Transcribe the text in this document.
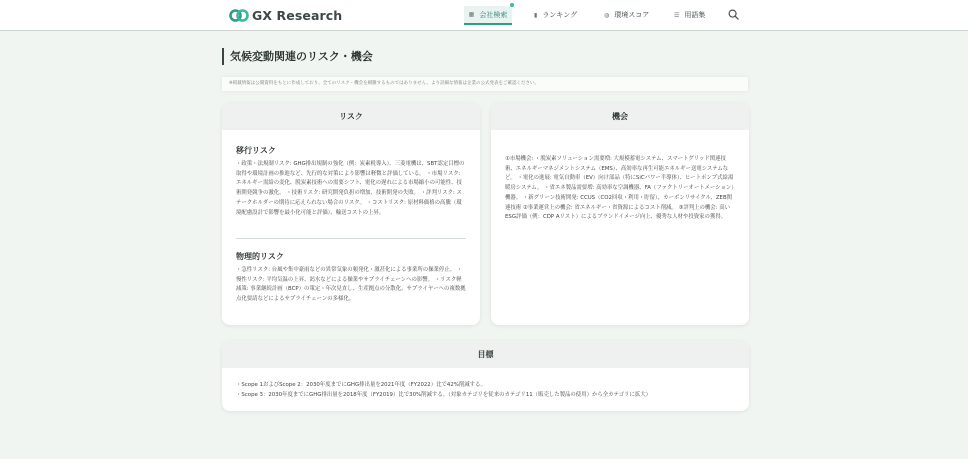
GX Research	▦ 会社検索	▮ ランキング	◍ 環境スコア	☰ 用語集
気候変動関連のリスク・機会
※掲載情報は公開資料をもとに作成しており、全てのリスク・機会を網羅するものではありません。より詳細な情報は企業の公式発表をご確認ください。
リスク
移行リスク
・政策・法規制リスク: GHG排出規制の強化（例：炭素税導入）。三菱電機は、SBT認定目標の取得や環境計画の推進など、先行的な対策により影響は軽微と評価している。 ・市場リスク: エネルギー需給の変化、脱炭素技術への需要シフト、電化の遅れによる市場縮小の可能性、技術開発競争の激化。 ・技術リスク: 研究開発負担の増加、技術開発の失敗。 ・評判リスク: ステークホルダーの期待に応えられない場合のリスク。 ・コストリスク: 原材料価格の高騰（環境配慮設計で影響を最小化可能と評価）、輸送コストの上昇。
物理的リスク
・急性リスク: 台風や集中豪雨などの異常気象の頻発化・激甚化による事業所の操業停止。 ・慢性リスク: 平均気温の上昇、渇水などによる操業やサプライチェーンへの影響。 ・リスク軽減策: 事業継続計画（BCP）の策定・年次見直し、生産拠点の分散化、サプライヤーへの複数拠点化要請などによるサプライチェーンの多様化。
機会
①市場機会: ・脱炭素ソリューション需要増: 大規模蓄電システム、スマートグリッド関連技術、エネルギーマネジメントシステム（EMS）、高効率な再生可能エネルギー送電システムなど。 ・電化の進展: 電気自動車（EV）向け部品（特にSiCパワー半導体）、ヒートポンプ式給湯暖房システム。 ・省エネ製品需要増: 高効率な空調機器、FA（ファクトリーオートメーション）機器。 ・新グリーン技術開発: CCUS（CO2回収・利用・貯留）、カーボンリサイクル、ZEB関連技術 ②事業運営上の機会: 省エネルギー・省資源によるコスト削減。 ③評判上の機会: 高いESG評価（例：CDP Aリスト）によるブランドイメージ向上、優秀な人材や投資家の獲得。
目標
・Scope 1およびScope 2：2030年度までにGHG排出量を2021年度（FY2022）比で42%削減する。
・Scope 3：2030年度までにGHG排出量を2018年度（FY2019）比で30%削減する。（対象カテゴリを従来のカテゴリ11（販売した製品の使用）から全カテゴリに拡大）
